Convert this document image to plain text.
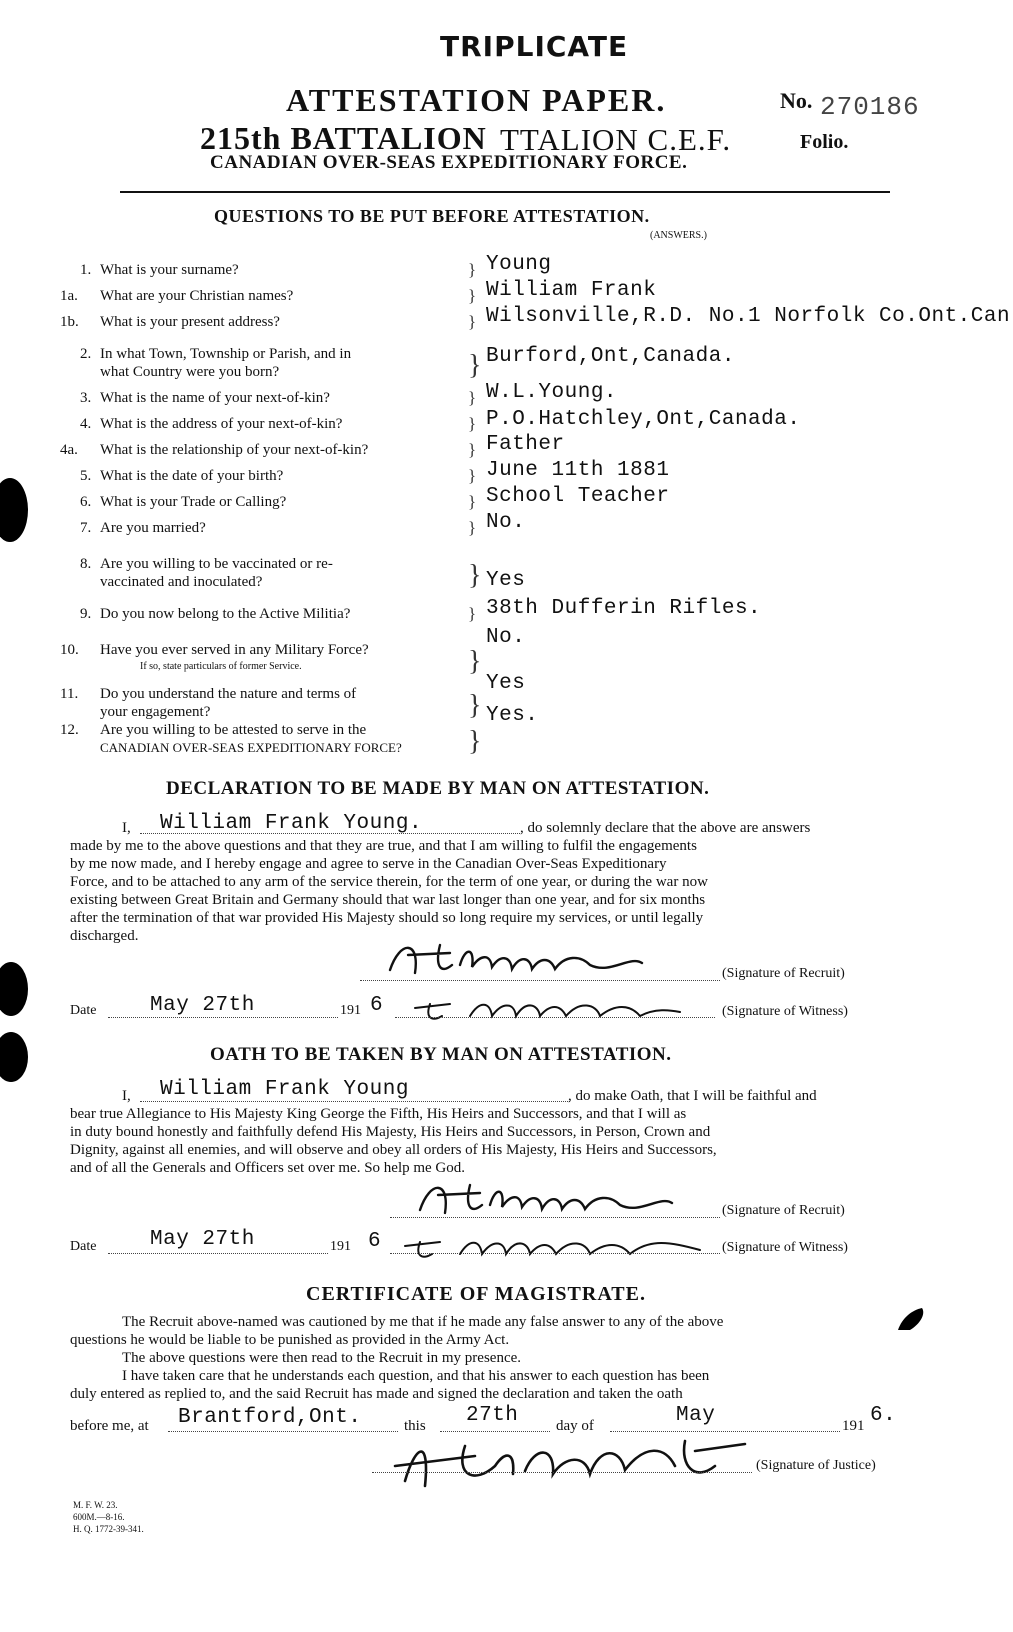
TRIPLICATE
ATTESTATION PAPER.	No. 270186
215th BATTALION TTALION C.E.F.	Folio.
CANADIAN OVER-SEAS EXPEDITIONARY FORCE.
QUESTIONS TO BE PUT BEFORE ATTESTATION.
(ANSWERS.)
1. What is your surname?	Young
}
1a. What are your Christian names?	William Frank
}
1b. What is your present address?	Wilsonville,R.D. No.1 Norfolk Co.Ont.Can
}
2. In what Town, Township or Parish, and in
what Country were you born?
Burford,Ont,Canada.
}
3. What is the name of your next-of-kin?	W.L.Young.
}
4. What is the address of your next-of-kin?	P.O.Hatchley,Ont,Canada.
}
4a. What is the relationship of your next-of-kin?	Father
}
5. What is the date of your birth?	June 11th 1881
}
6. What is your Trade or Calling?	School Teacher
}
7. Are you married?	No.
}
8. Are you willing to be vaccinated or re-
vaccinated and inoculated?	Yes
}
9. Do you now belong to the Active Militia?	38th Dufferin Rifles.
}
10. Have you ever served in any Military Force?
If so, state particulars of former Service.
No.
}
11. Do you understand the nature and terms of
your engagement?
Yes
}
12. Are you willing to be attested to serve in the
CANADIAN OVER-SEAS EXPEDITIONARY FORCE?
Yes.
}
DECLARATION TO BE MADE BY MAN ON ATTESTATION.
I, William Frank Young.	, do solemnly declare that the above are answers
made by me to the above questions and that they are true, and that I am willing to fulfil the engagements
by me now made, and I hereby engage and agree to serve in the Canadian Over-Seas Expeditionary
Force, and to be attached to any arm of the service therein, for the term of one year, or during the war now
existing between Great Britain and Germany should that war last longer than one year, and for six months
after the termination of that war provided His Majesty should so long require my services, or until legally
discharged.
(Signature of Recruit)
Date	May 27th	191 6	(Signature of Witness)
OATH TO BE TAKEN BY MAN ON ATTESTATION.
I, William Frank Young	, do make Oath, that I will be faithful and
bear true Allegiance to His Majesty King George the Fifth, His Heirs and Successors, and that I will as
in duty bound honestly and faithfully defend His Majesty, His Heirs and Successors, in Person, Crown and
Dignity, against all enemies, and will observe and obey all orders of His Majesty, His Heirs and Successors,
and of all the Generals and Officers set over me. So help me God.
(Signature of Recruit)
Date	May 27th	191 6	(Signature of Witness)
CERTIFICATE OF MAGISTRATE.
The Recruit above-named was cautioned by me that if he made any false answer to any of the above
questions he would be liable to be punished as provided in the Army Act.
The above questions were then read to the Recruit in my presence.
I have taken care that he understands each question, and that his answer to each question has been
duly entered as replied to, and the said Recruit has made and signed the declaration and taken the oath
before me, at Brantford,Ont.	this 27th	day of	May	191 6.
(Signature of Justice)
M. F. W. 23.
600M.—8-16.
H. Q. 1772-39-341.
